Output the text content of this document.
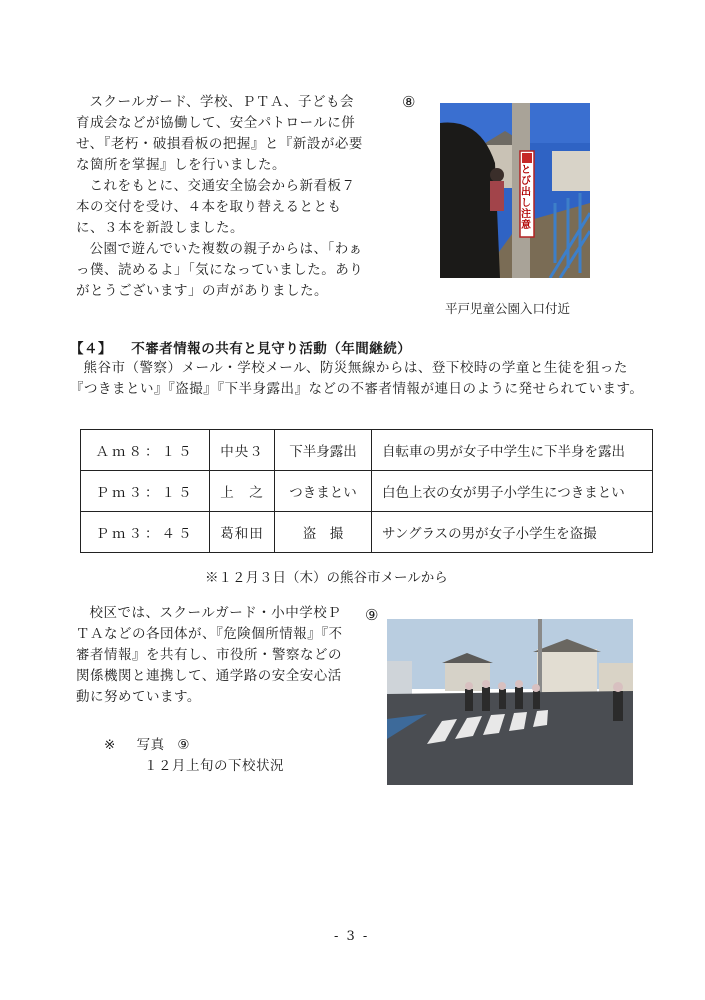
スクールガード、学校、ＰＴＡ、子ども会育成会などが協働して、安全パトロールに併せ、『老朽・破損看板の把握』と『新設が必要な箇所を掌握』しを行いました。

これをもとに、交通安全協会から新看板７本の交付を受け、４本を取り替えるとともに、３本を新設しました。

公園で遊んでいた複数の親子からは、「わぁっ僕、読めるよ」「気になっていました。ありがとうございます」の声がありました。

⑧
とび出し注意
平戸児童公園入口付近
【４】 不審者情報の共有と見守り活動（年間継続）
熊谷市（警察）メール・学校メール、防災無線からは、登下校時の学童と生徒を狙った『つきまとい』『盗撮』『下半身露出』などの不審者情報が連日のように発せられています。
Ａｍ８：１５	中央３	下半身露出	自転車の男が女子中学生に下半身を露出
Ｐｍ３：１５	上　之	つきまとい	白色上衣の女が男子小学生につきまとい
Ｐｍ３：４５	葛和田	盗　撮	サングラスの男が女子小学生を盗撮
※１２月３日（木）の熊谷市メールから

校区では、スクールガード・小中学校ＰＴＡなどの各団体が、『危険個所情報』『不審者情報』を共有し、市役所・警察などの関係機関と連携して、通学路の安全安心活動に努めています。

⑨
※ 写真 ⑨
１２月上旬の下校状況
- 3 -
